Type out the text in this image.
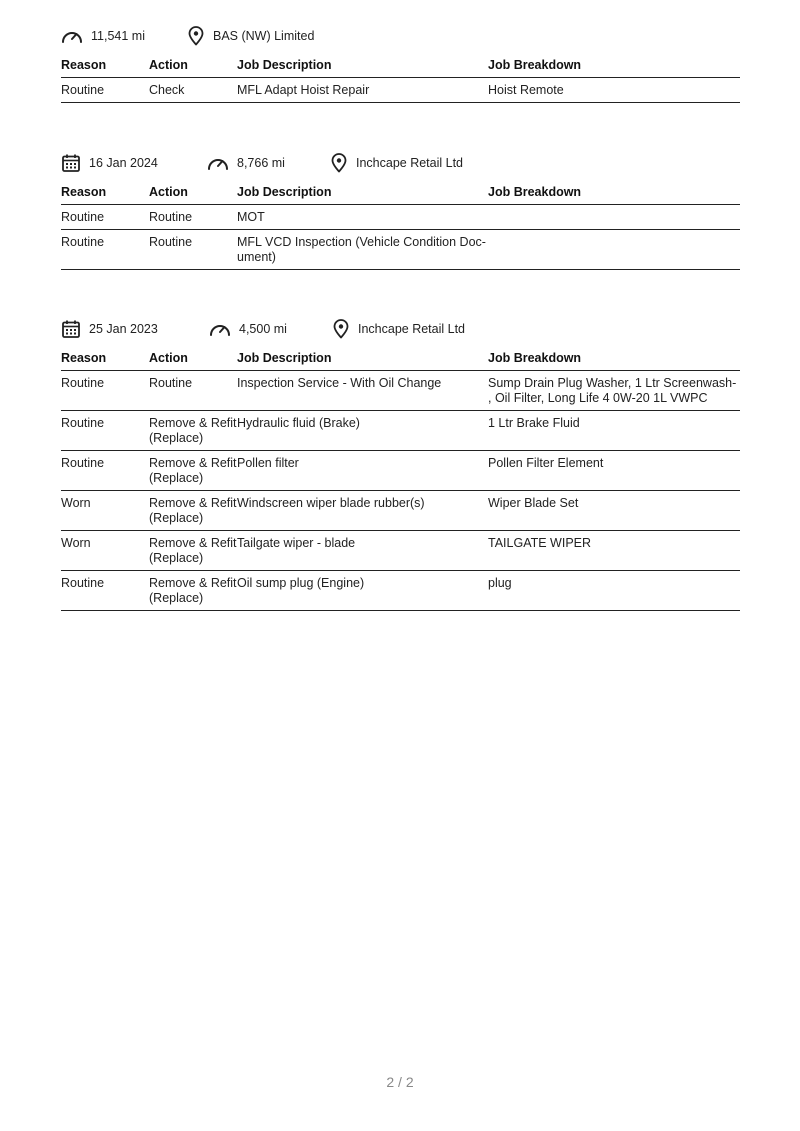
11,541 mi	BAS (NW) Limited
Reason	Action	Job Description	Job Breakdown
Routine	Check	MFL Adapt Hoist Repair	Hoist Remote
16 Jan 2024	8,766 mi	Inchcape Retail Ltd
Reason	Action	Job Description	Job Breakdown
Routine	Routine	MOT	
Routine	Routine	MFL VCD Inspection (Vehicle Condition Doc-
ument)	
25 Jan 2023	4,500 mi	Inchcape Retail Ltd
Reason	Action	Job Description	Job Breakdown
Routine	Routine	Inspection Service - With Oil Change	Sump Drain Plug Washer, 1 Ltr Screenwash-
, Oil Filter, Long Life 4 0W-20 1L VWPC
Routine	Remove & Refit
(Replace)	Hydraulic fluid (Brake)	1 Ltr Brake Fluid
Routine	Remove & Refit
(Replace)	Pollen filter	Pollen Filter Element
Worn	Remove & Refit
(Replace)	Windscreen wiper blade rubber(s)	Wiper Blade Set
Worn	Remove & Refit
(Replace)	Tailgate wiper - blade	TAILGATE WIPER
Routine	Remove & Refit
(Replace)	Oil sump plug (Engine)	plug
2 / 2
